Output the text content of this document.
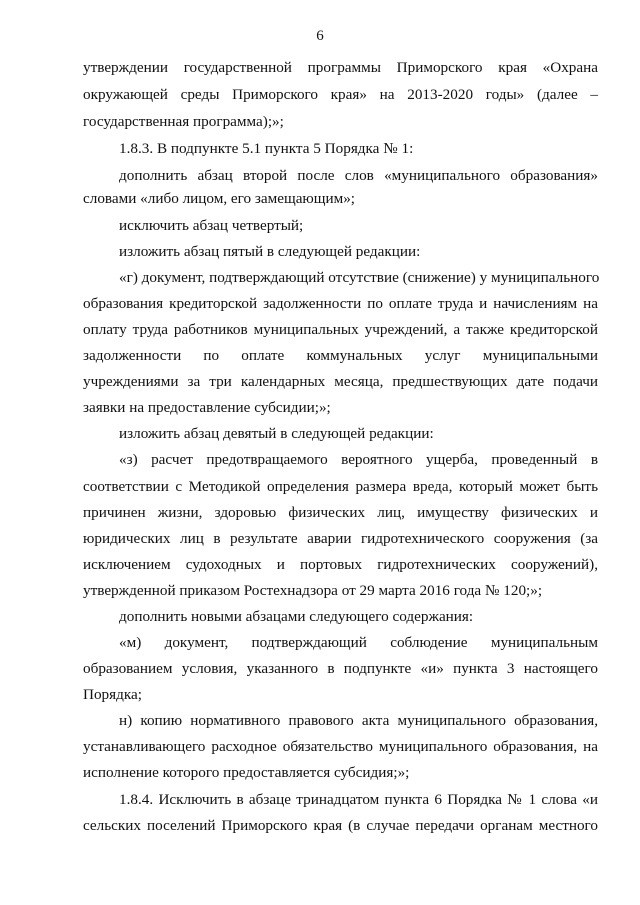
6
утверждении государственной программы Приморского края «Охрана
окружающей среды Приморского края» на 2013-2020 годы» (далее –
государственная программа);»;
1.8.3. В подпункте 5.1 пункта 5 Порядка № 1:
дополнить абзац второй после слов «муниципального образования»
словами «либо лицом, его замещающим»;
исключить абзац четвертый;
изложить абзац пятый в следующей редакции:
«г) документ, подтверждающий отсутствие (снижение) у муниципального
образования кредиторской задолженности по оплате труда и начислениям на
оплату труда работников муниципальных учреждений, а также кредиторской
задолженности по оплате коммунальных услуг муниципальными
учреждениями за три календарных месяца, предшествующих дате подачи
заявки на предоставление субсидии;»;
изложить абзац девятый в следующей редакции:
«з) расчет предотвращаемого вероятного ущерба, проведенный в
соответствии с Методикой определения размера вреда, который может быть
причинен жизни, здоровью физических лиц, имуществу физических и
юридических лиц в результате аварии гидротехнического сооружения (за
исключением судоходных и портовых гидротехнических сооружений),
утвержденной приказом Ростехнадзора от 29 марта 2016 года № 120;»;
дополнить новыми абзацами следующего содержания:
«м) документ, подтверждающий соблюдение муниципальным
образованием условия, указанного в подпункте «и» пункта 3 настоящего
Порядка;
н) копию нормативного правового акта муниципального образования,
устанавливающего расходное обязательство муниципального образования, на
исполнение которого предоставляется субсидия;»;
1.8.4. Исключить в абзаце тринадцатом пункта 6 Порядка № 1 слова «и
сельских поселений Приморского края (в случае передачи органам местного
